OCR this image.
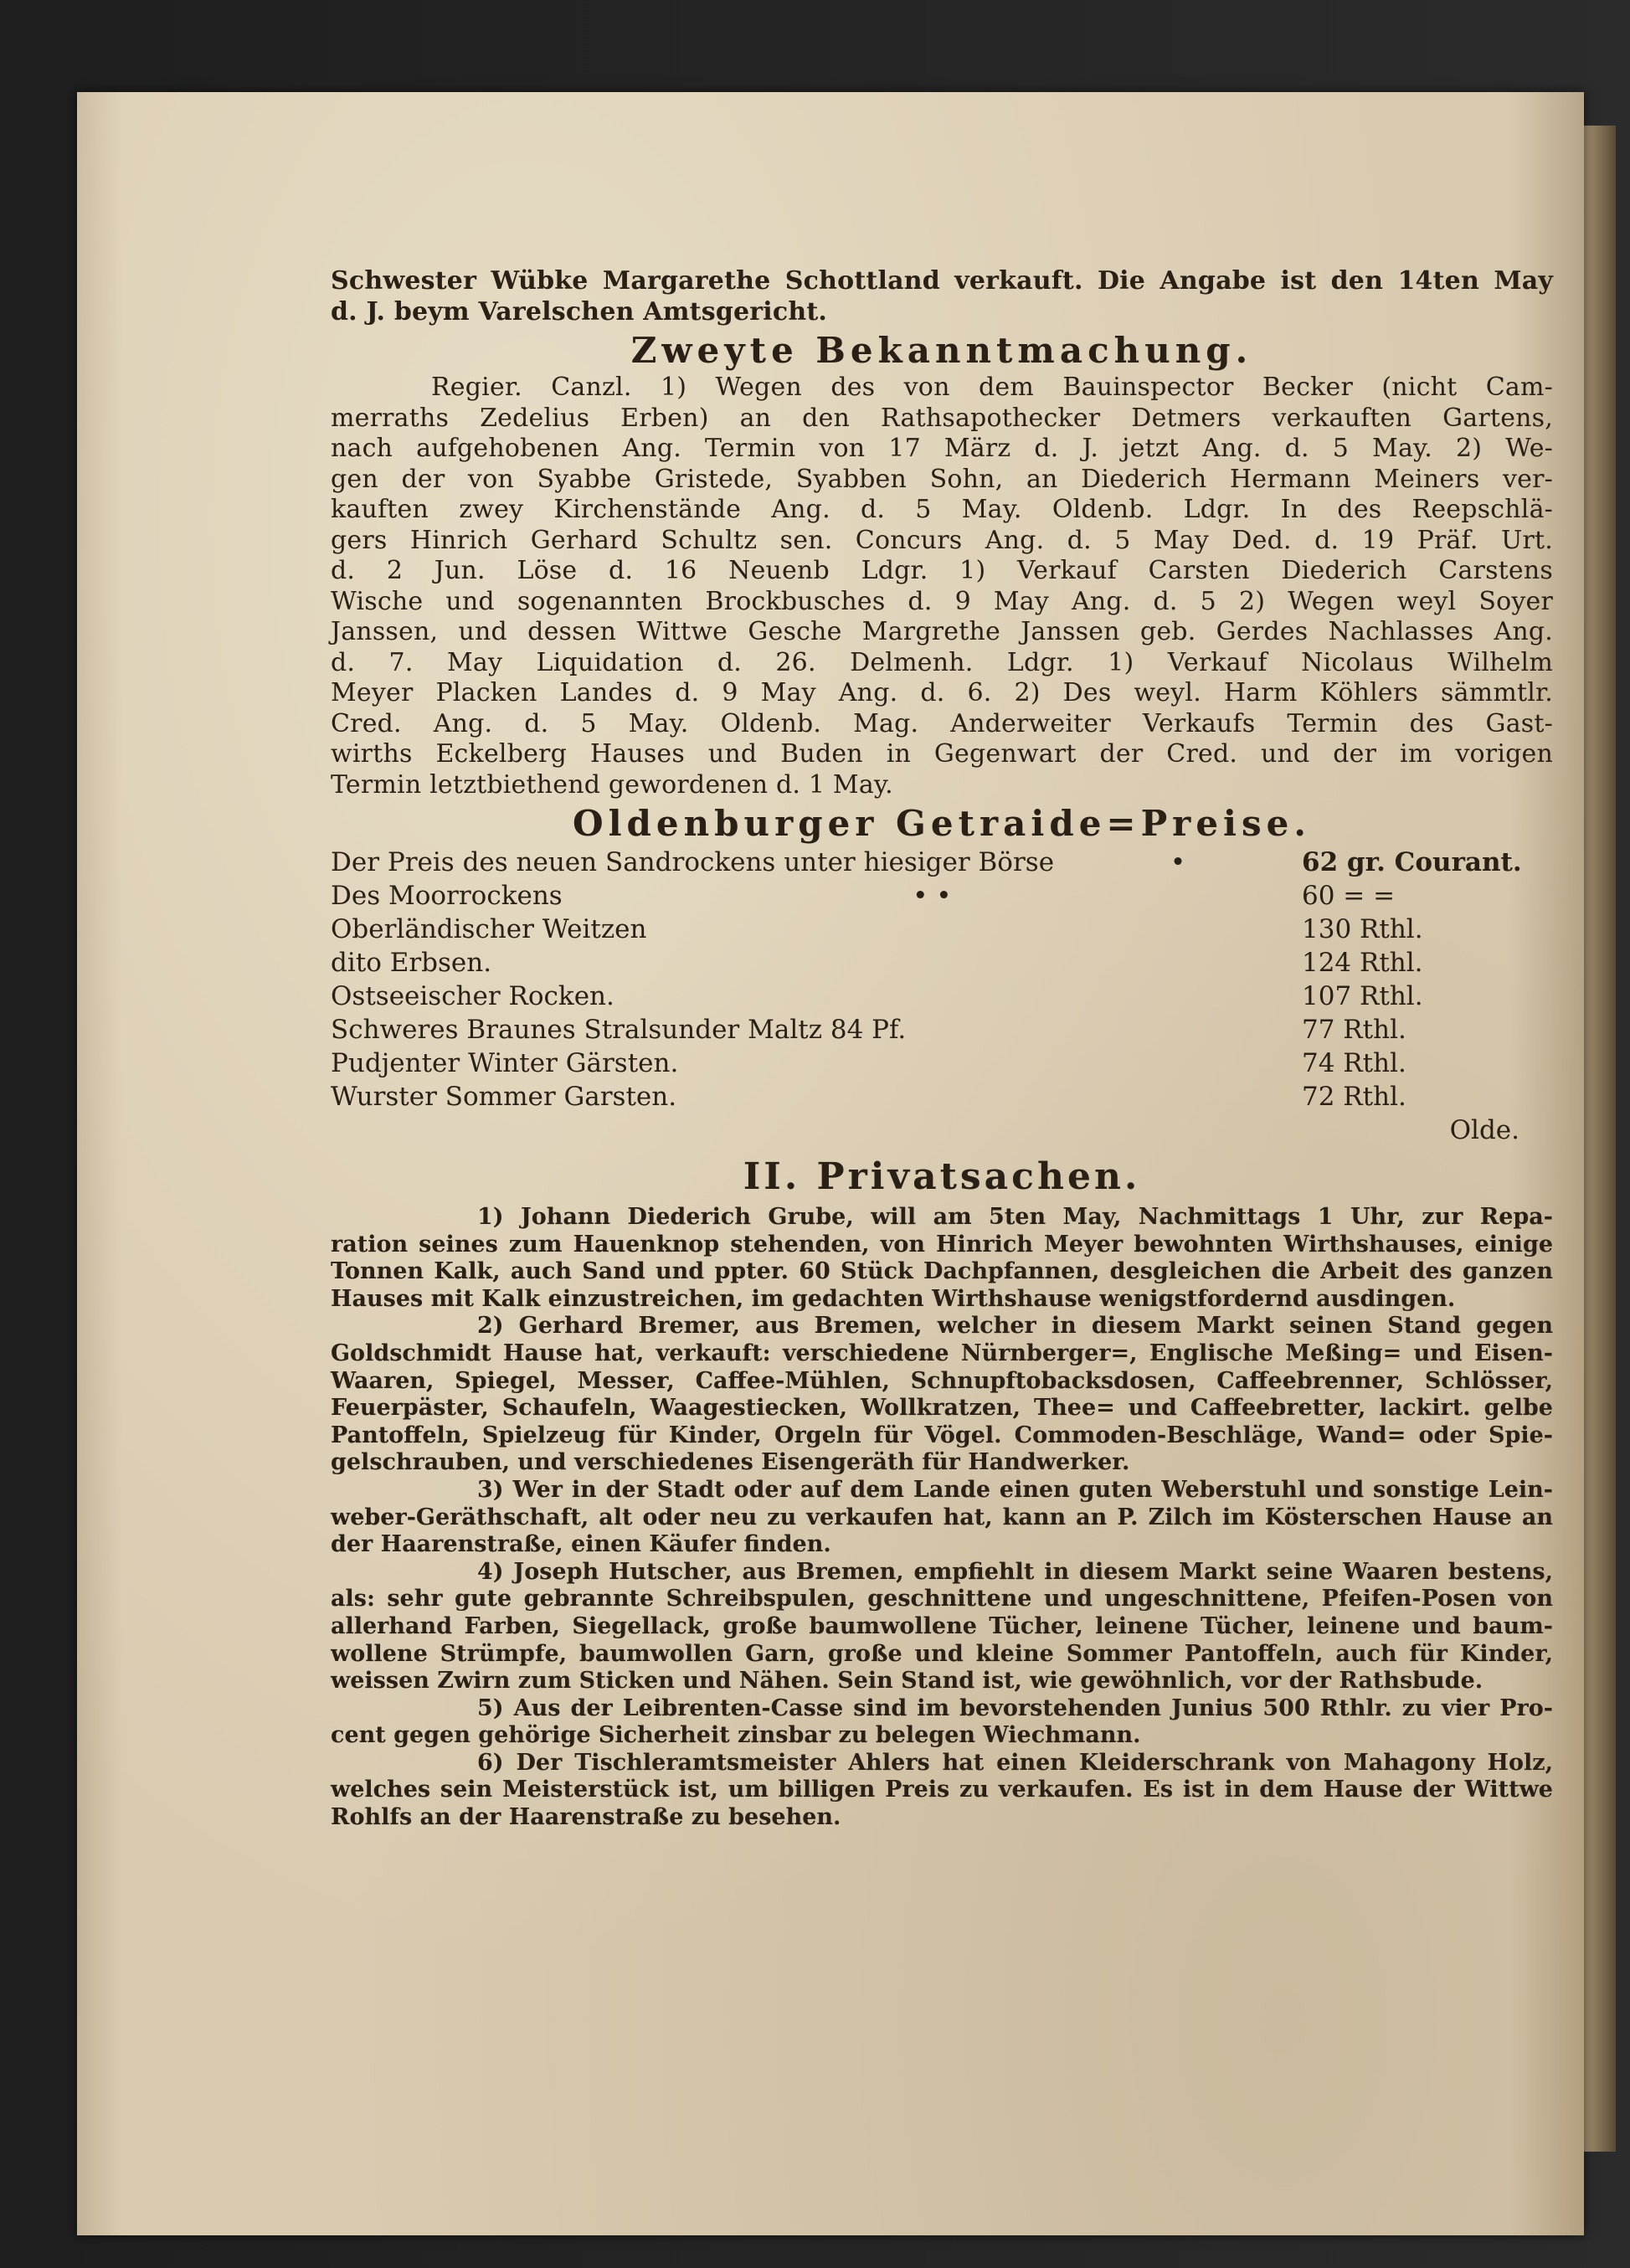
Schwester Wübke Margarethe Schottland verkauft. Die Angabe ist den 14ten May
d. J. beym Varelschen Amtsgericht.
Zweyte Bekanntmachung.
Regier. Canzl. 1) Wegen des von dem Bauinspector Becker (nicht Cam-
merraths Zedelius Erben) an den Rathsapothecker Detmers verkauften Gartens,
nach aufgehobenen Ang. Termin von 17 März d. J. jetzt Ang. d. 5 May. 2) We-
gen der von Syabbe Gristede, Syabben Sohn, an Diederich Hermann Meiners ver-
kauften zwey Kirchenstände Ang. d. 5 May. Oldenb. Ldgr. In des Reepschlä-
gers Hinrich Gerhard Schultz sen. Concurs Ang. d. 5 May Ded. d. 19 Präf. Urt.
d. 2 Jun. Löse d. 16 Neuenb Ldgr. 1) Verkauf Carsten Diederich Carstens
Wische und sogenannten Brockbusches d. 9 May Ang. d. 5 2) Wegen weyl Soyer
Janssen, und dessen Wittwe Gesche Margrethe Janssen geb. Gerdes Nachlasses Ang.
d. 7. May Liquidation d. 26. Delmenh. Ldgr. 1) Verkauf Nicolaus Wilhelm
Meyer Placken Landes d. 9 May Ang. d. 6. 2) Des weyl. Harm Köhlers sämmtlr.
Cred. Ang. d. 5 May. Oldenb. Mag. Anderweiter Verkaufs Termin des Gast-
wirths Eckelberg Hauses und Buden in Gegenwart der Cred. und der im vorigen
Termin letztbiethend gewordenen d. 1 May.
Oldenburger Getraide=Preise.
Der Preis des neuen Sandrockens unter hiesiger Börse	•	62 gr. Courant.
Des Moorrockens	• •	60 = =
Oberländischer Weitzen	130 Rthl.
dito Erbsen.	124 Rthl.
Ostseeischer Rocken.	107 Rthl.
Schweres Braunes Stralsunder Maltz 84 Pf.	77 Rthl.
Pudjenter Winter Gärsten.	74 Rthl.
Wurster Sommer Garsten.	72 Rthl.
Olde.
II. Privatsachen.
1) Johann Diederich Grube, will am 5ten May, Nachmittags 1 Uhr, zur Repa-
ration seines zum Hauenknop stehenden, von Hinrich Meyer bewohnten Wirthshauses, einige
Tonnen Kalk, auch Sand und ppter. 60 Stück Dachpfannen, desgleichen die Arbeit des ganzen
Hauses mit Kalk einzustreichen, im gedachten Wirthshause wenigstfordernd ausdingen.
2) Gerhard Bremer, aus Bremen, welcher in diesem Markt seinen Stand gegen
Goldschmidt Hause hat, verkauft: verschiedene Nürnberger=, Englische Meßing= und Eisen-
Waaren, Spiegel, Messer, Caffee-Mühlen, Schnupftobacksdosen, Caffeebrenner, Schlösser,
Feuerpäster, Schaufeln, Waagestiecken, Wollkratzen, Thee= und Caffeebretter, lackirt. gelbe
Pantoffeln, Spielzeug für Kinder, Orgeln für Vögel. Commoden-Beschläge, Wand= oder Spie-
gelschrauben, und verschiedenes Eisengeräth für Handwerker.
3) Wer in der Stadt oder auf dem Lande einen guten Weberstuhl und sonstige Lein-
weber-Geräthschaft, alt oder neu zu verkaufen hat, kann an P. Zilch im Kösterschen Hause an
der Haarenstraße, einen Käufer finden.
4) Joseph Hutscher, aus Bremen, empfiehlt in diesem Markt seine Waaren bestens,
als: sehr gute gebrannte Schreibspulen, geschnittene und ungeschnittene, Pfeifen-Posen von
allerhand Farben, Siegellack, große baumwollene Tücher, leinene Tücher, leinene und baum-
wollene Strümpfe, baumwollen Garn, große und kleine Sommer Pantoffeln, auch für Kinder,
weissen Zwirn zum Sticken und Nähen. Sein Stand ist, wie gewöhnlich, vor der Rathsbude.
5) Aus der Leibrenten-Casse sind im bevorstehenden Junius 500 Rthlr. zu vier Pro-
cent gegen gehörige Sicherheit zinsbar zu belegen Wiechmann.
6) Der Tischleramtsmeister Ahlers hat einen Kleiderschrank von Mahagony Holz,
welches sein Meisterstück ist, um billigen Preis zu verkaufen. Es ist in dem Hause der Wittwe
Rohlfs an der Haarenstraße zu besehen.
